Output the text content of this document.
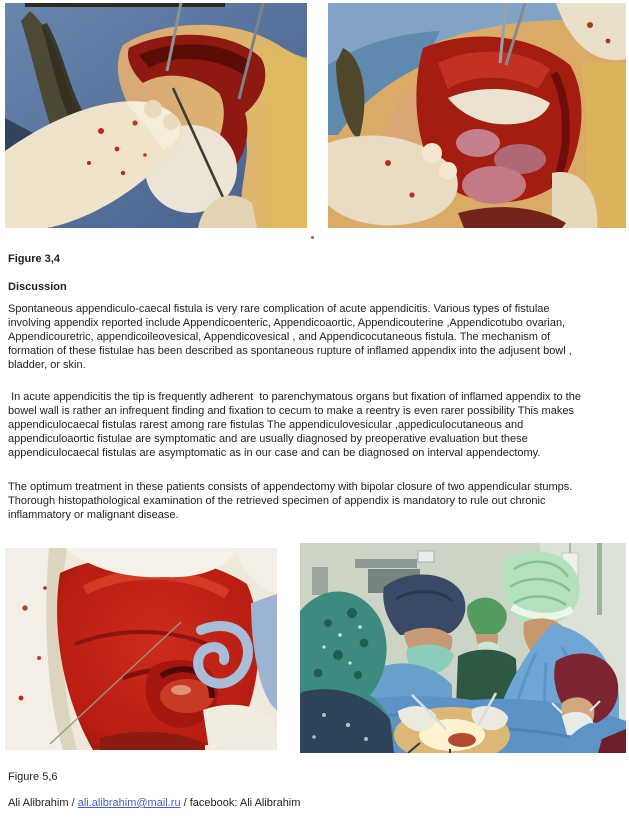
Figure 3,4
Discussion
Spontaneous appendiculo-caecal fistula is very rare complication of acute appendicitis. Various types of fistulae involving appendix reported include Appendicoenteric, Appendicoaortic, Appendicouterine ,Appendicotubo ovarian, Appendicouretric, appendicoileovesical, Appendicovesical , and Appendicocutaneous fistula. The mechanism of formation of these fistulae has been described as spontaneous rupture of inflamed appendix into the adjusent bowl , bladder, or skin.
In acute appendicitis the tip is frequently adherent  to parenchymatous organs but fixation of inflamed appendix to the bowel wall is rather an infrequent finding and fixation to cecum to make a reentry is even rarer possibility This makes appendiculocaecal fistulas rarest among rare fistulas The appendiculovesicular ,appediculocutaneous and appendiculoaortic fistulae are symptomatic and are usually diagnosed by preoperative evaluation but these appendiculocaecal fistulas are asymptomatic as in our case and can be diagnosed on interval appendectomy.
The optimum treatment in these patients consists of appendectomy with bipolar closure of two appendicular stumps. Thorough histopathological examination of the retrieved specimen of appendix is mandatory to rule out chronic inflammatory or malignant disease.
Figure 5,6
Ali Alibrahim / ali.alibrahim@mail.ru / facebook: Ali Alibrahim
